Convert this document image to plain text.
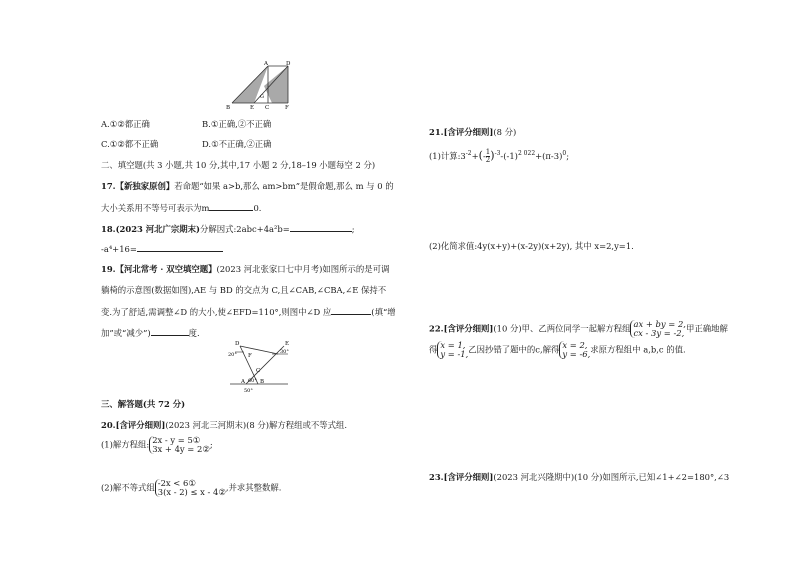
A	D
B	E
G
C	F
A.①②都正确	B.①正确,②不正确
C.①②都不正确	D.①不正确,②正确
二、填空题(共 3 小题,共 10 分,其中,17 小题 2 分,18–19 小题每空 2 分)
17.【新独家原创】若命题“如果 a>b,那么 am>bm”是假命题,那么 m 与 0 的
大小关系用不等号可表示为m	0.
18.(2023 河北广宗期末)分解因式:2abc+4a²b=	;
-a⁴+16=
19.【河北常考 · 双空填空题】(2023 河北张家口七中月考)如图所示的是可调
躺椅的示意图(数据如图),AE 与 BD 的交点为 C,且∠CAB,∠CBA,∠E 保持不
变.为了舒适,需调整∠D 的大小,使∠EFD=110°,则图中∠D 应	(填“增
加”或“减少”)	度.
D	E
F
C
A	B
20°	30°
60°
50°
三、解答题(共 72 分)
20.[含评分细则](2023 河北三河期末)(8 分)解方程组或不等式组.
(1)解方程组: 2x - y = 5①
3x + 4y = 2②;
(2)解不等式组 -2x < 6①
3(x - 2) ≤ x - 4②,并求其整数解.
21.[含评分细则](8 分)
(1)计算$:3^{-2}+(- \frac{1}{2} )^{-3}-(-1)^{2 022}+(\pi-3)^0$;
(2)化简求值:4y(x+y)+(x-2y)(x+2y), 其中 x=2,y=1.
22.[含评分细则](10 分)甲、乙两位同学一起解方程组 ax + by = 2,
cx - 3y = -2, 甲正确地解
得 x = 1,
y = -1,乙因抄错了题中的c,解得 x = 2,
y = -6,求原方程组中 a,b,c 的值.
23.[含评分细则](2023 河北兴隆期中)(10 分)如图所示,已知∠1+∠2=180°,∠3
